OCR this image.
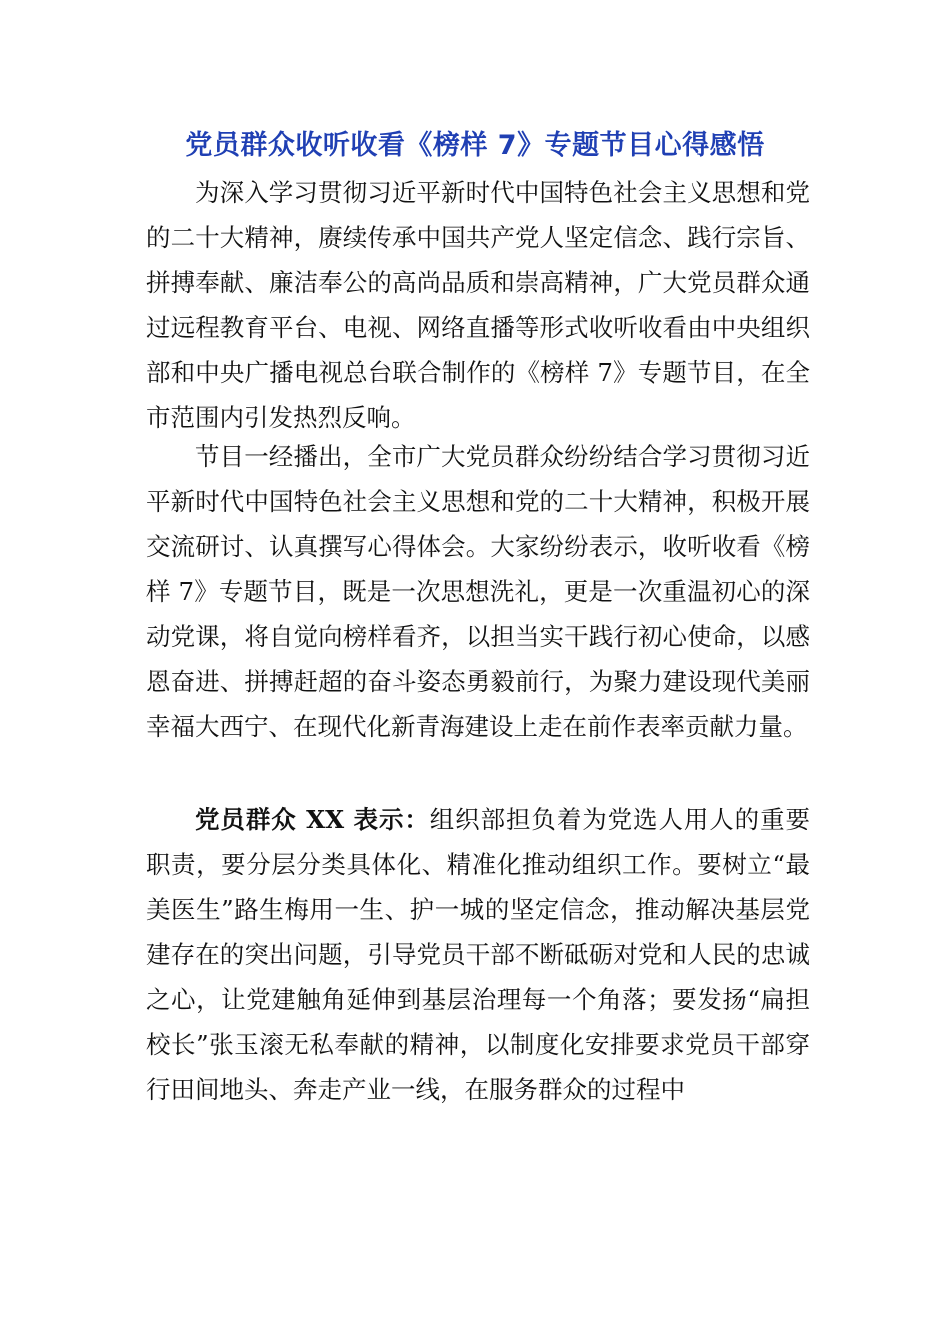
党员群众收听收看《榜样 7》专题节目心得感悟

为深入学习贯彻习近平新时代中国特色社会主义思想和党的二十大精神，赓续传承中国共产党人坚定信念、践行宗旨、拼搏奉献、廉洁奉公的高尚品质和崇高精神，广大党员群众通过远程教育平台、电视、网络直播等形式收听收看由中央组织部和中央广播电视总台联合制作的《榜样 7》专题节目，在全市范围内引发热烈反响。

节目一经播出，全市广大党员群众纷纷结合学习贯彻习近平新时代中国特色社会主义思想和党的二十大精神，积极开展交流研讨、认真撰写心得体会。大家纷纷表示，收听收看《榜样 7》专题节目，既是一次思想洗礼，更是一次重温初心的深动党课，将自觉向榜样看齐，以担当实干践行初心使命，以感恩奋进、拼搏赶超的奋斗姿态勇毅前行，为聚力建设现代美丽幸福大西宁、在现代化新青海建设上走在前作表率贡献力量。

党员群众 XX 表示：组织部担负着为党选人用人的重要职责，要分层分类具体化、精准化推动组织工作。要树立“最美医生”路生梅用一生、护一城的坚定信念，推动解决基层党建存在的突出问题，引导党员干部不断砥砺对党和人民的忠诚之心，让党建触角延伸到基层治理每一个角落；要发扬“扁担校长”张玉滚无私奉献的精神，以制度化安排要求党员干部穿行田间地头、奔走产业一线，在服务群众的过程中
